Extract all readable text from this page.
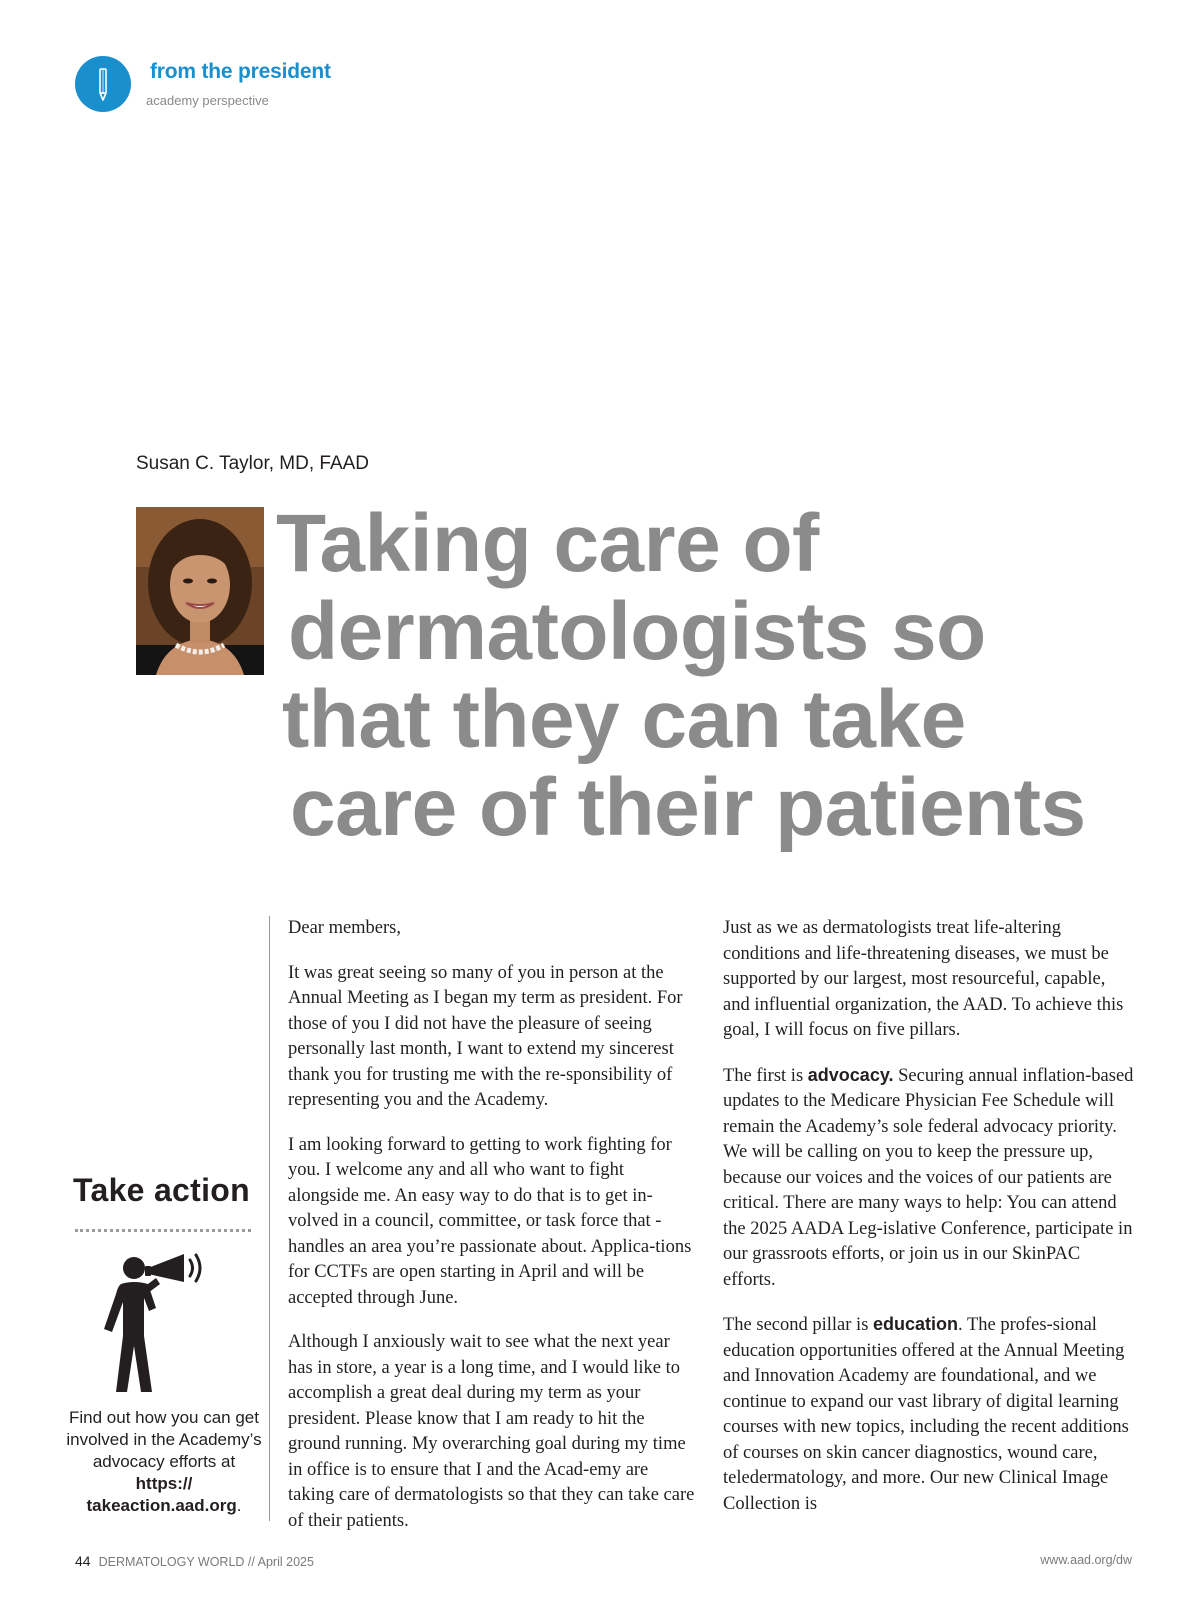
from the president
academy perspective
Susan C. Taylor, MD, FAAD
Taking care of
dermatologists so
that they can take
care of their patients
Take action
Find out how you can get involved in the Academy’s advocacy efforts at https:// takeaction.aad.org.

Dear members,

It was great seeing so many of you in person at the Annual Meeting as I began my term as president. For those of you I did not have the pleasure of seeing personally last month, I want to extend my sincerest thank you for trusting me with the re-sponsibility of representing you and the Academy.

I am looking forward to getting to work fighting for you. I welcome any and all who want to fight alongside me. An easy way to do that is to get in-volved in a council, committee, or task force that -handles an area you’re passionate about. Applica-tions for CCTFs are open starting in April and will be accepted through June.

Although I anxiously wait to see what the next year has in store, a year is a long time, and I would like to accomplish a great deal during my term as your president. Please know that I am ready to hit the ground running. My overarching goal during my time in office is to ensure that I and the Acad-emy are taking care of dermatologists so that they can take care of their patients.

Just as we as dermatologists treat life-altering conditions and life-threatening diseases, we must be supported by our largest, most resourceful, capable, and influential organization, the AAD. To achieve this goal, I will focus on five pillars.

The first is advocacy. Securing annual inflation-based updates to the Medicare Physician Fee Schedule will remain the Academy’s sole federal advocacy priority. We will be calling on you to keep the pressure up, because our voices and the voices of our patients are critical. There are many ways to help: You can attend the 2025 AADA Leg-islative Conference, participate in our grassroots efforts, or join us in our SkinPAC efforts.

The second pillar is education. The profes-sional education opportunities offered at the Annual Meeting and Innovation Academy are foundational, and we continue to expand our vast library of digital learning courses with new topics, including the recent additions of courses on skin cancer diagnostics, wound care, teledermatology, and more. Our new Clinical Image Collection is

44 DERMATOLOGY WORLD // April 2025	www.aad.org/dw
